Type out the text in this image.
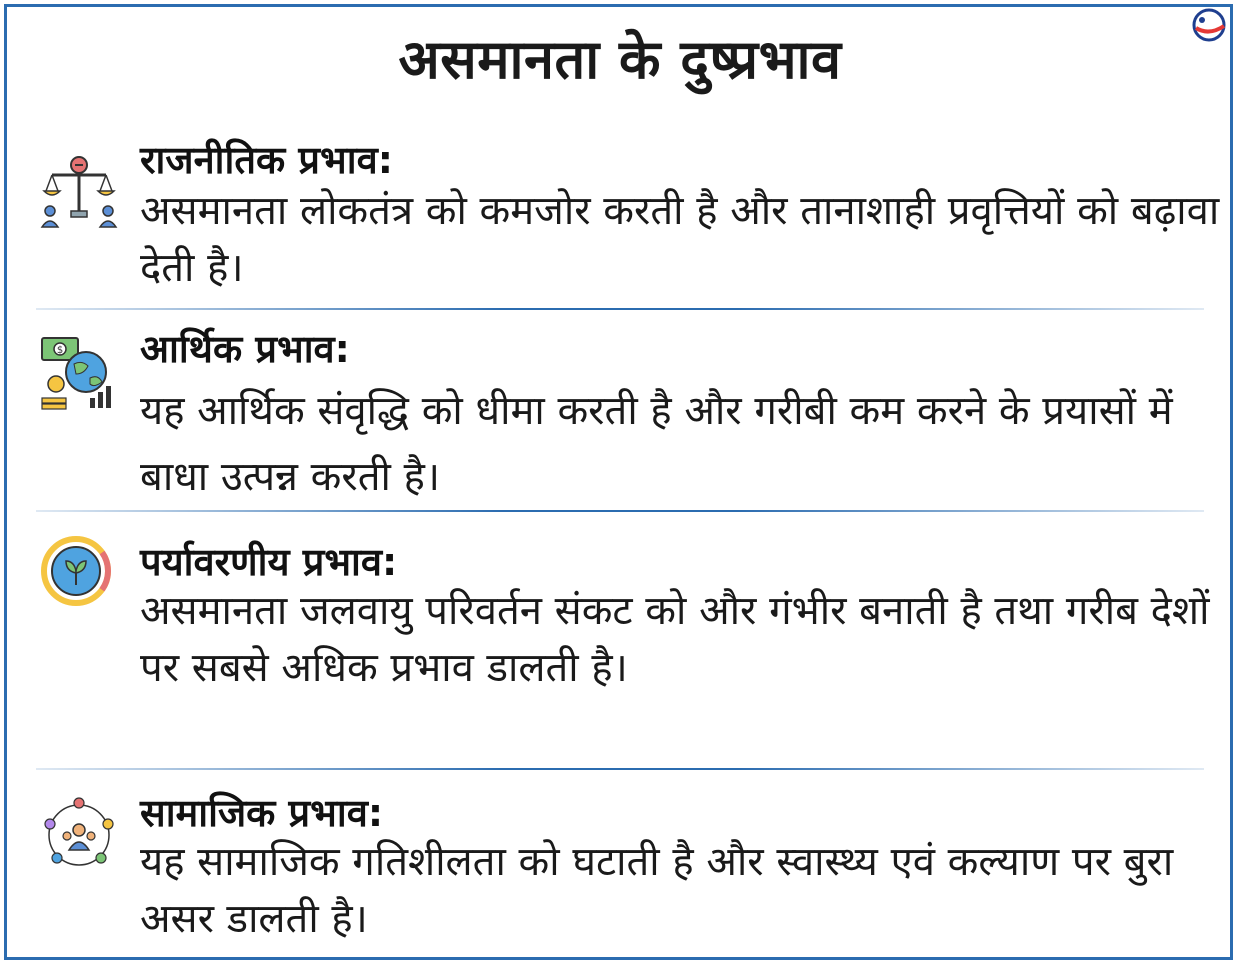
असमानता के दुष्प्रभाव
राजनीतिक प्रभाव:
असमानता लोकतंत्र को कमजोर करती है और तानाशाही प्रवृत्तियों को बढ़ावा देती है।
$ आर्थिक प्रभाव:
यह आर्थिक संवृद्धि को धीमा करती है और गरीबी कम करने के प्रयासों में बाधा उत्पन्न करती है।
पर्यावरणीय प्रभाव:
असमानता जलवायु परिवर्तन संकट को और गंभीर बनाती है तथा गरीब देशों पर सबसे अधिक प्रभाव डालती है।
सामाजिक प्रभाव:
यह सामाजिक गतिशीलता को घटाती है और स्वास्थ्य एवं कल्याण पर बुरा असर डालती है।
